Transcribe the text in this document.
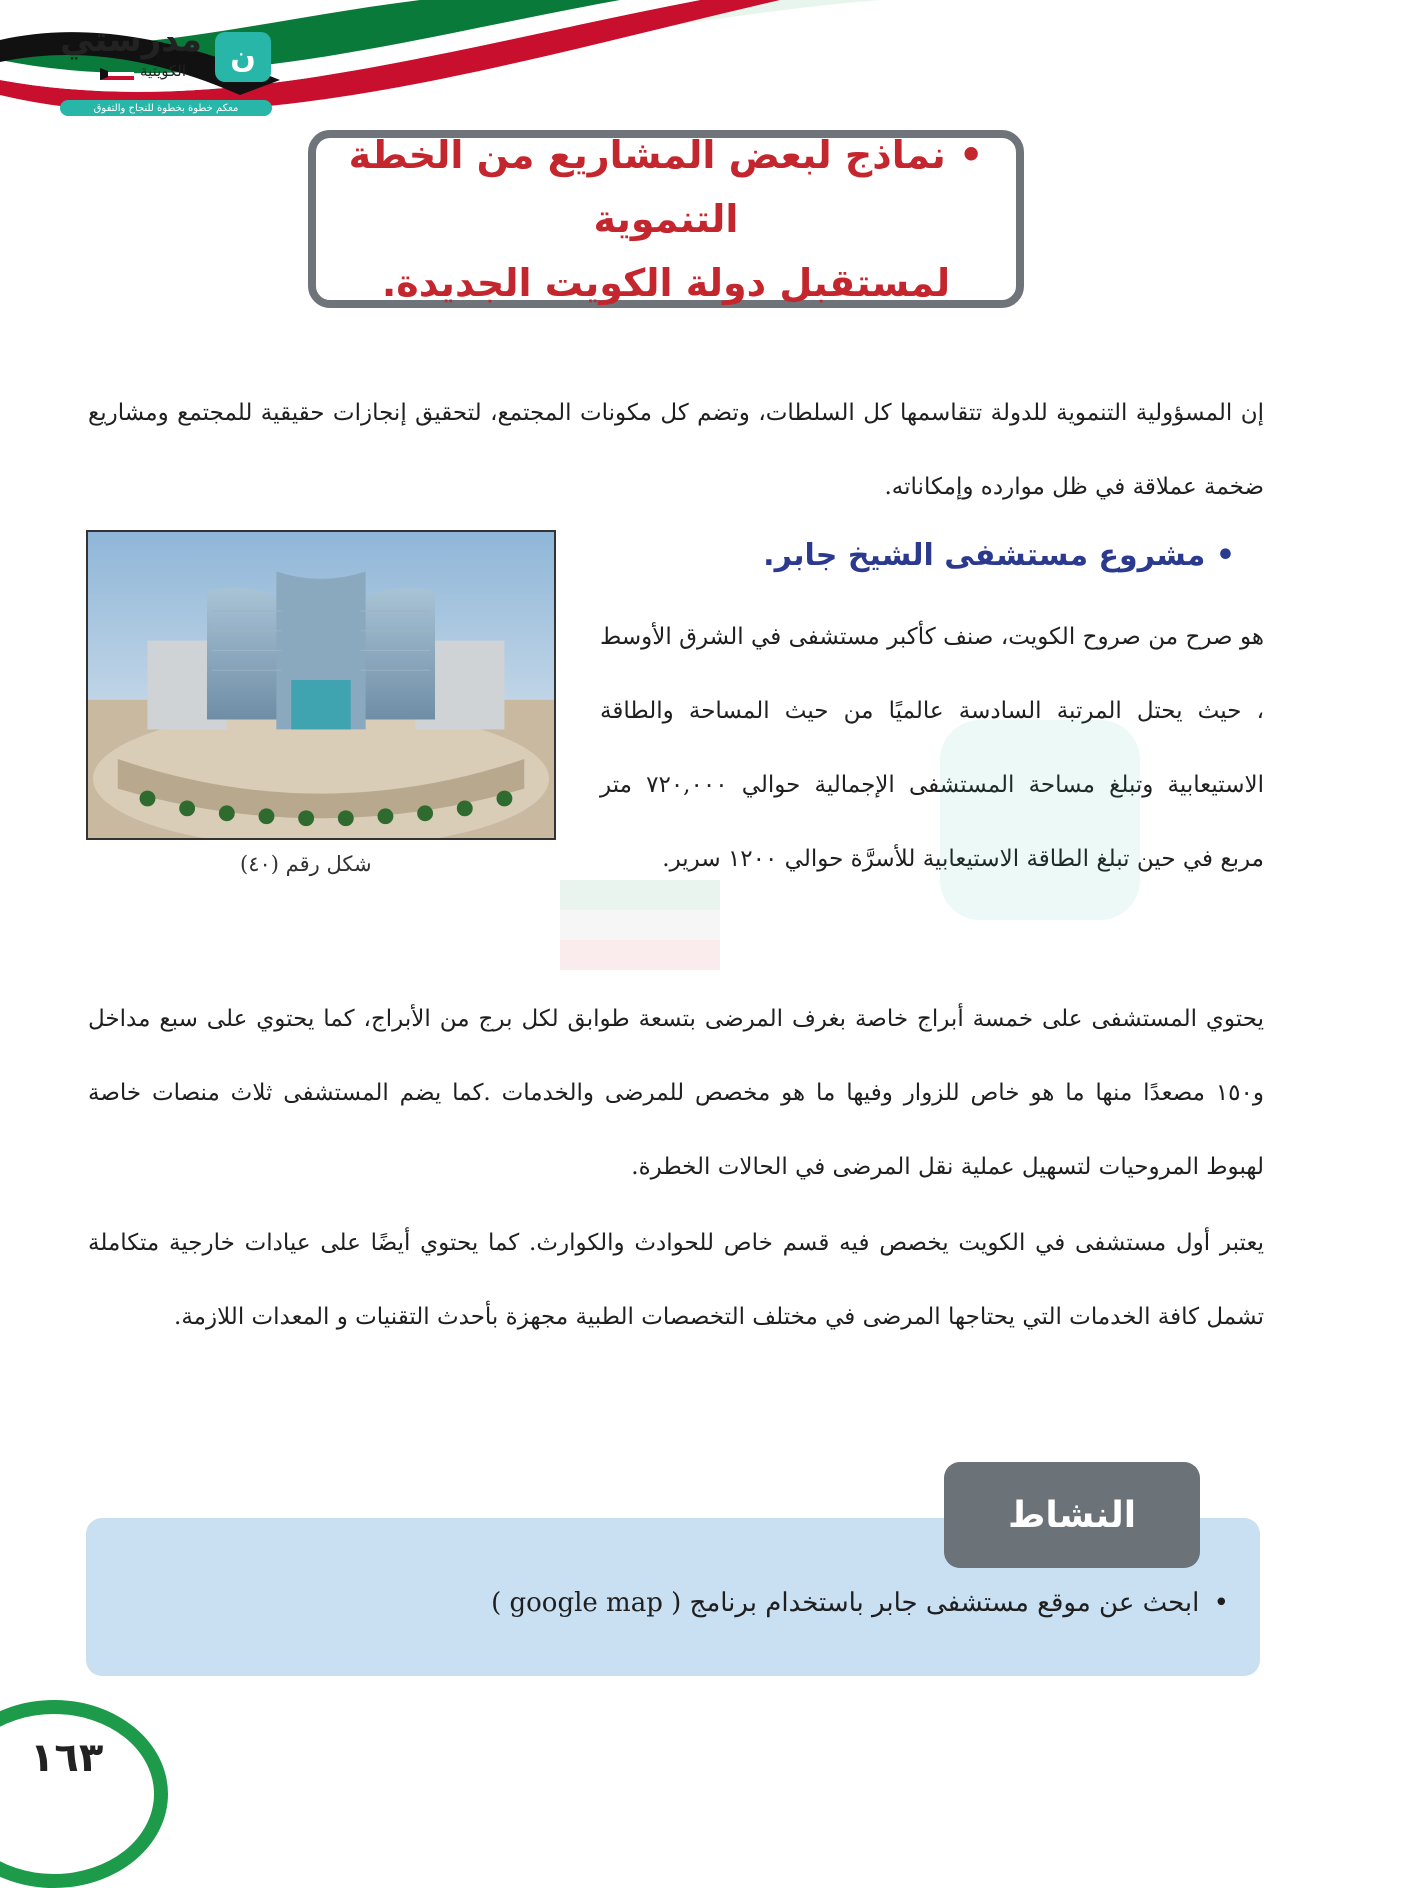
مدرستي
الكويتية	ن
معكم خطوة بخطوة للنجاح والتفوق
• نماذج لبعض المشاريع من الخطة التنموية
لمستقبل دولة الكويت الجديدة.
إن المسؤولية التنموية للدولة تتقاسمها كل السلطات، وتضم كل مكونات المجتمع، لتحقيق إنجازات حقيقية للمجتمع ومشاريع ضخمة عملاقة في ظل موارده وإمكاناته.
• مشروع مستشفى الشيخ جابر.
هو صرح من صروح الكويت، صنف كأكبر مستشفى في الشرق الأوسط ، حيث يحتل المرتبة السادسة عالميًا من حيث المساحة والطاقة الاستيعابية وتبلغ مساحة المستشفى الإجمالية حوالي ٧٢٠,٠٠٠ متر مربع في حين تبلغ الطاقة الاستيعابية للأسرَّة حوالي ١٢٠٠ سرير.
شكل رقم (٤٠)
يحتوي المستشفى على خمسة أبراج خاصة بغرف المرضى بتسعة طوابق لكل برج من الأبراج، كما يحتوي على سبع مداخل و١٥٠ مصعدًا منها ما هو خاص للزوار وفيها ما هو مخصص للمرضى والخدمات .كما يضم المستشفى ثلاث منصات خاصة لهبوط المروحيات لتسهيل عملية نقل المرضى في الحالات الخطرة.
يعتبر أول مستشفى في الكويت يخصص فيه قسم خاص للحوادث والكوارث. كما يحتوي أيضًا على عيادات خارجية متكاملة تشمل كافة الخدمات التي يحتاجها المرضى في مختلف التخصصات الطبية مجهزة بأحدث التقنيات و المعدات اللازمة.
النشاط
• ابحث عن موقع مستشفى جابر باستخدام برنامج ( google map )
١٦٣
